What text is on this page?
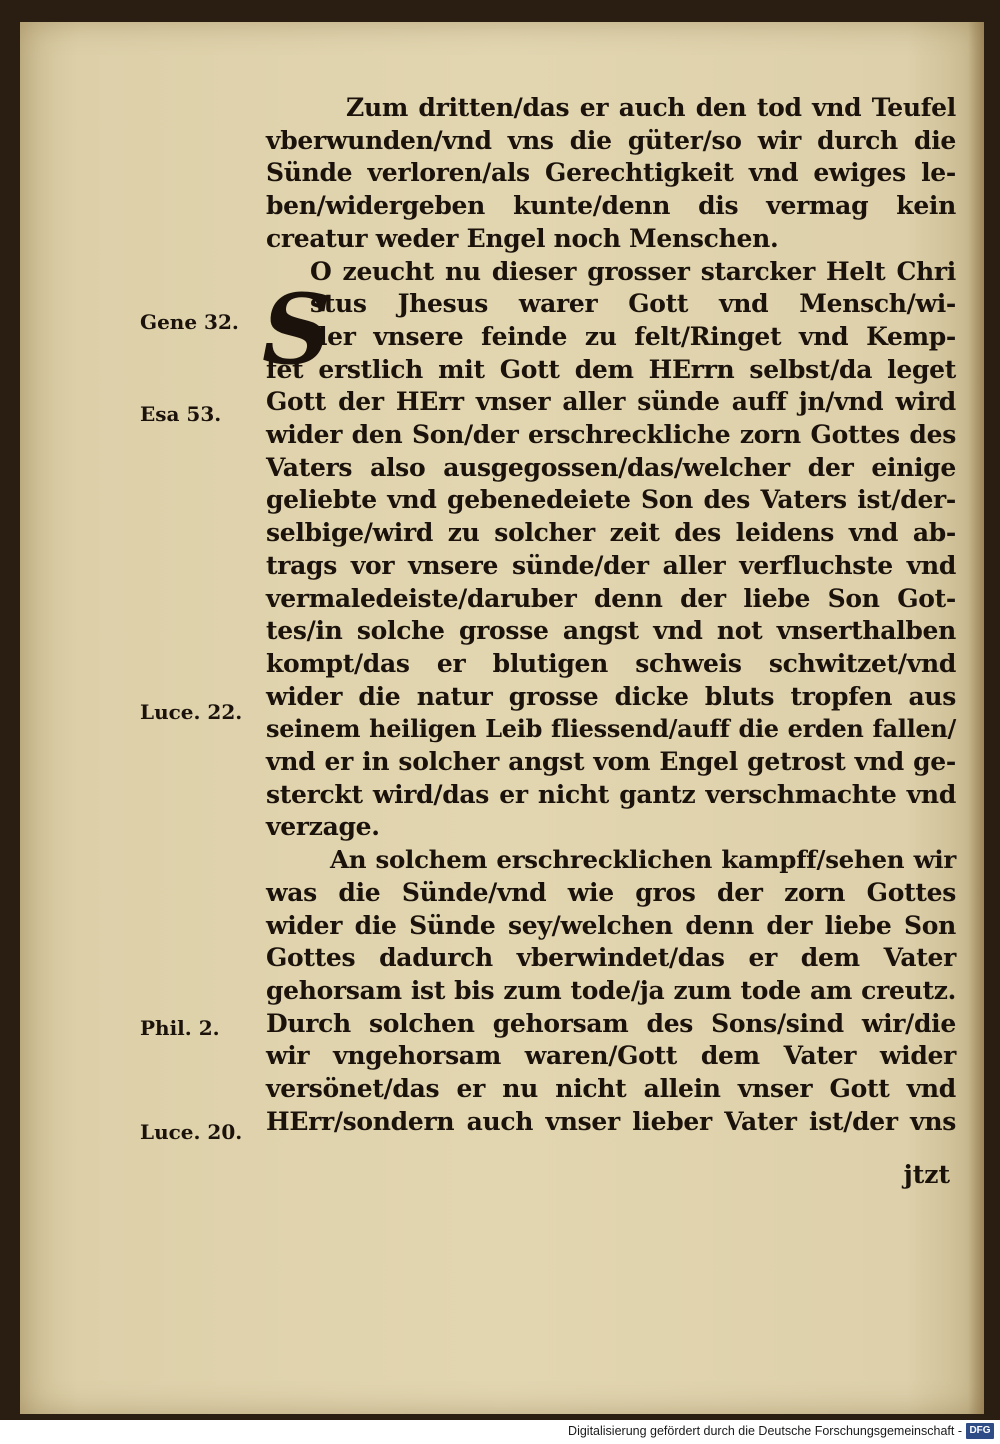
Zum dritten/das er auch den tod vnd Teufel
vberwunden/vnd vns die güter/so wir durch die
Sünde verloren/als Gerechtigkeit vnd ewiges le-
ben/widergeben kunte/denn dis vermag kein
creatur weder Engel noch Menschen.
O zeucht nu dieser grosser starcker Helt Chri
stus Jhesus warer Gott vnd Mensch/wi-
der vnsere feinde zu felt/Ringet vnd Kemp-
fet erstlich mit Gott dem HErrn selbst/da leget
Gott der HErr vnser aller sünde auff jn/vnd wird
wider den Son/der erschreckliche zorn Gottes des
Vaters also ausgegossen/das/welcher der einige
geliebte vnd gebenedeiete Son des Vaters ist/der-
selbige/wird zu solcher zeit des leidens vnd ab-
trags vor vnsere sünde/der aller verfluchste vnd
vermaledeiste/daruber denn der liebe Son Got-
tes/in solche grosse angst vnd not vnserthalben
kompt/das er blutigen schweis schwitzet/vnd
wider die natur grosse dicke bluts tropfen aus
seinem heiligen Leib fliessend/auff die erden fallen/
vnd er in solcher angst vom Engel getrost vnd ge-
sterckt wird/das er nicht gantz verschmachte vnd
verzage.
An solchem erschrecklichen kampff/sehen wir
was die Sünde/vnd wie gros der zorn Gottes
wider die Sünde sey/welchen denn der liebe Son
Gottes dadurch vberwindet/das er dem Vater
gehorsam ist bis zum tode/ja zum tode am creutz.
Durch solchen gehorsam des Sons/sind wir/die
wir vngehorsam waren/Gott dem Vater wider
versönet/das er nu nicht allein vnser Gott vnd
HErr/sondern auch vnser lieber Vater ist/der vns
S
Gene 32.
Esa 53.
Luce. 22.
Phil. 2.
Luce. 20.
jtzt
Digitalisierung gefördert durch die Deutsche Forschungsgemeinschaft - DFG
